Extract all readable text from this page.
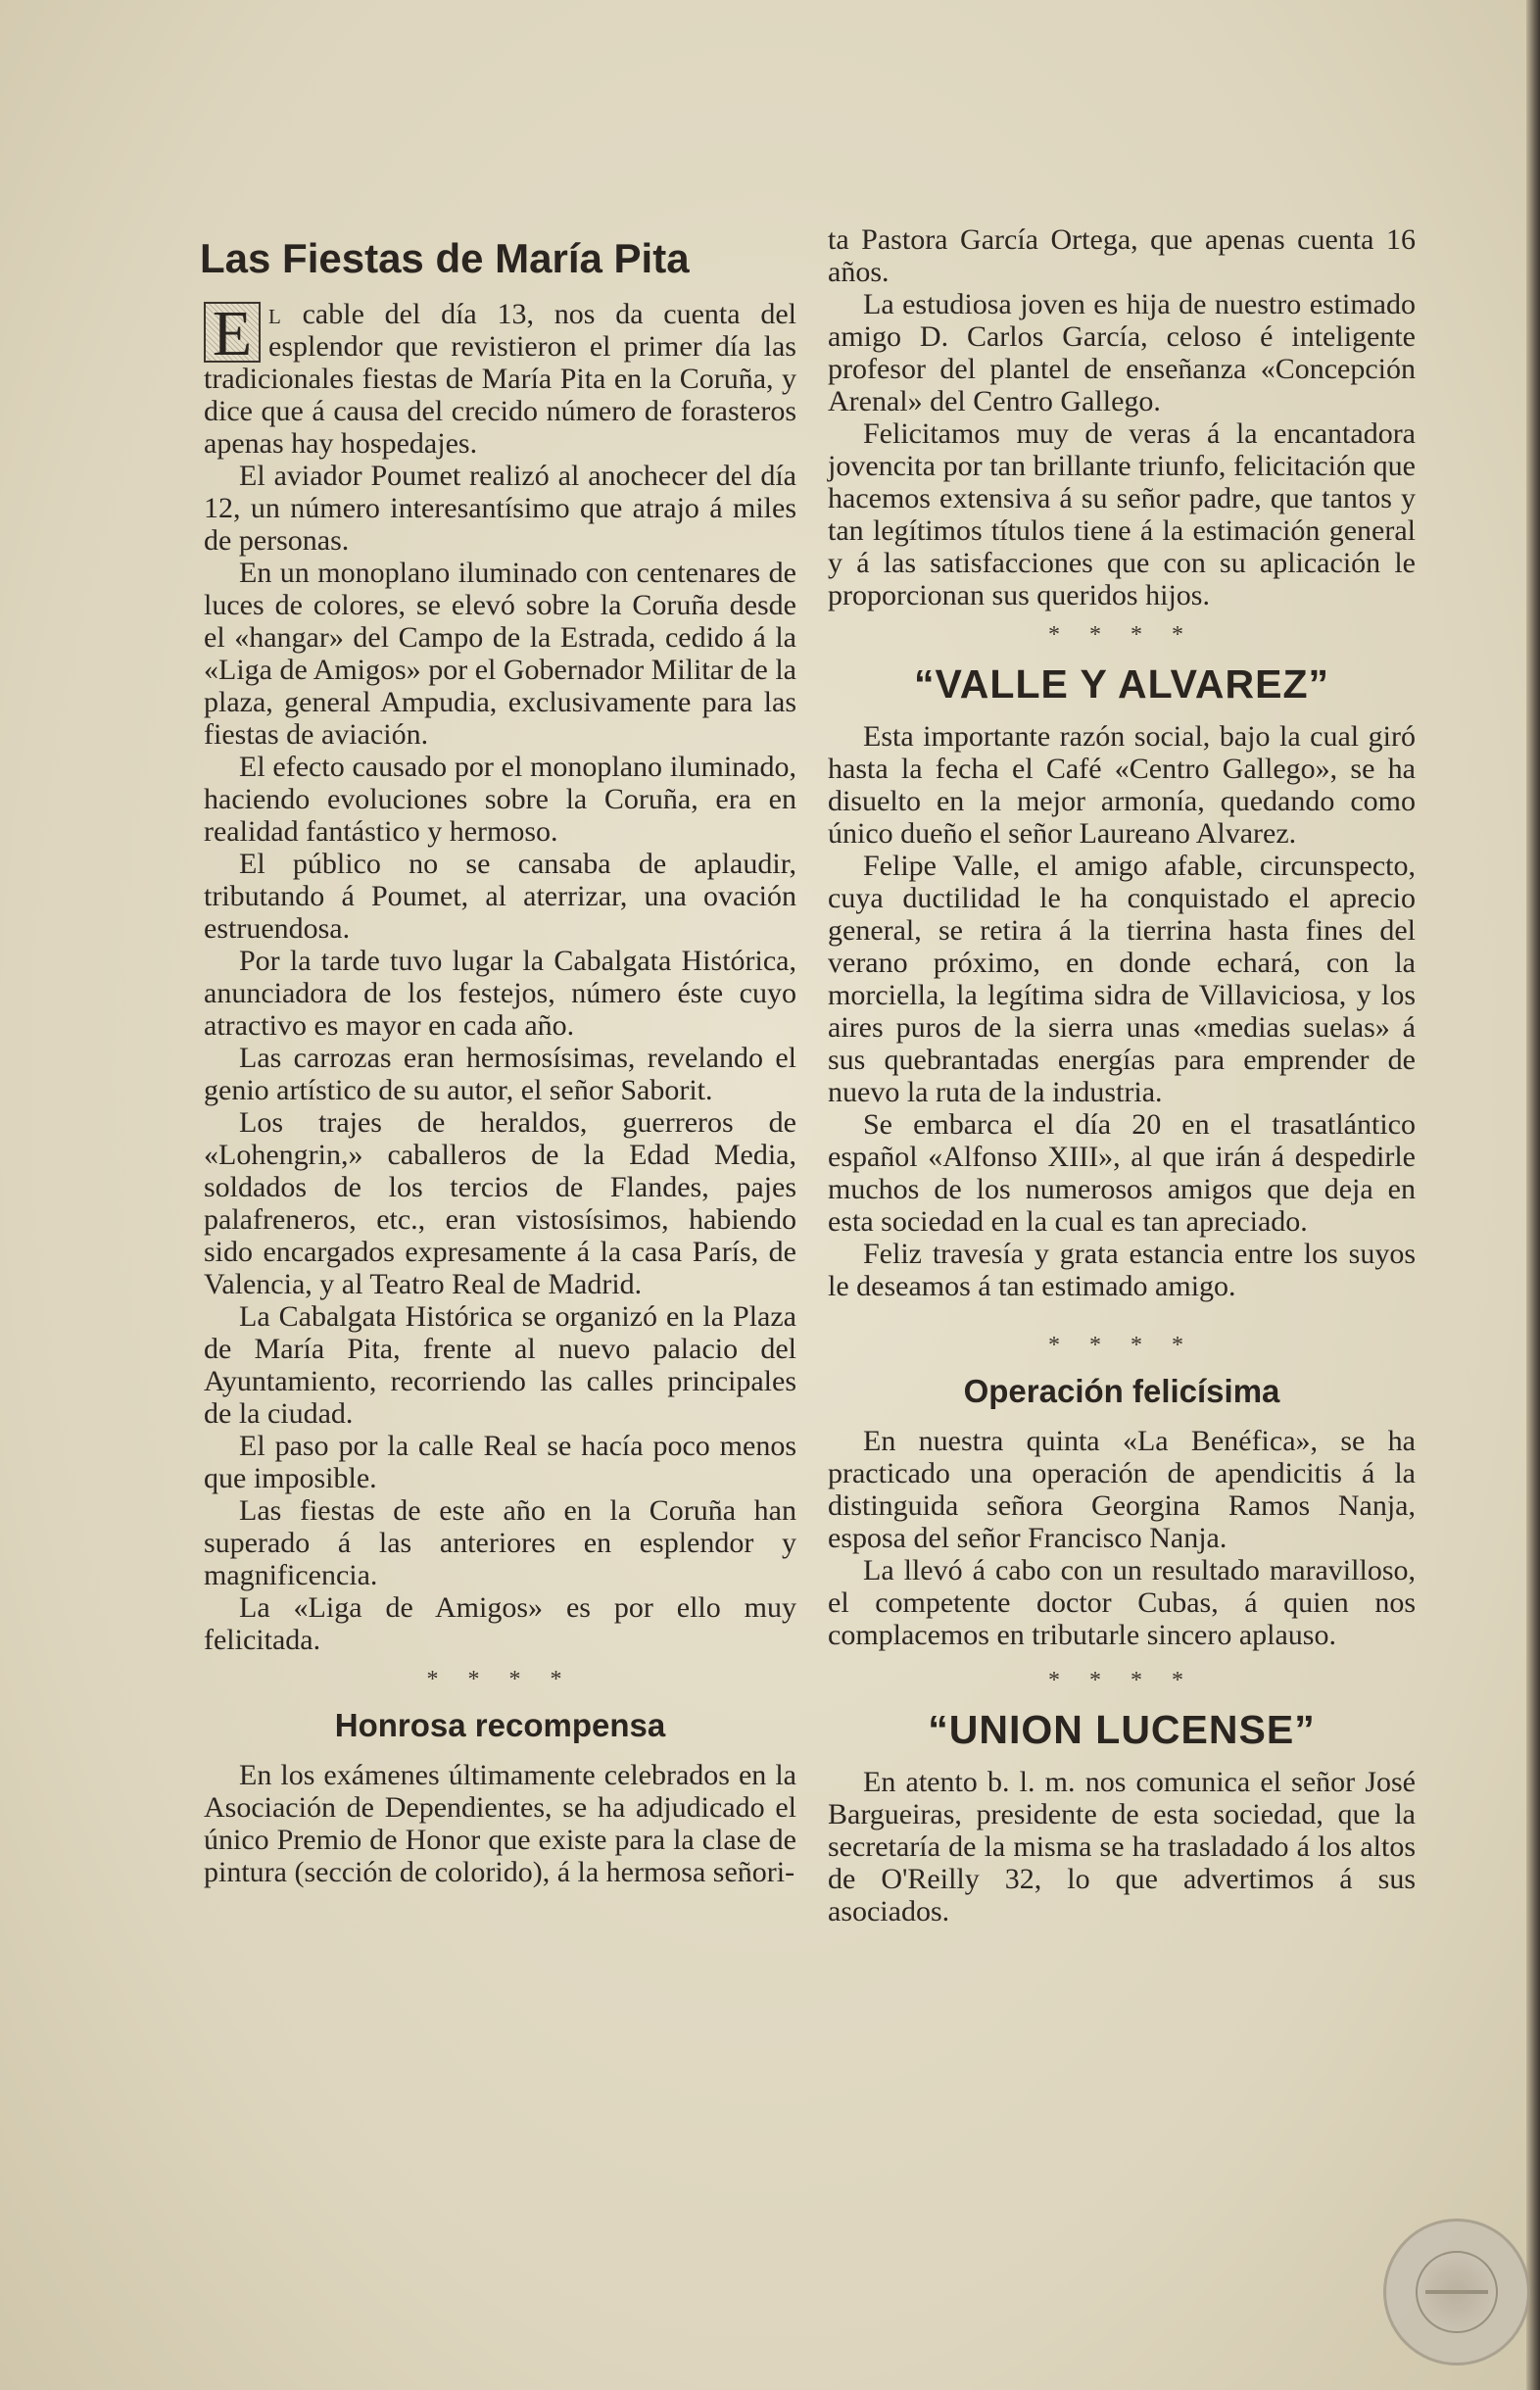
Las Fiestas de María Pita

E l cable del día 13, nos da cuenta del esplendor que revistieron el primer día las tradicionales fiestas de María Pita en la Coruña, y dice que á causa del crecido número de forasteros apenas hay hospedajes.

El aviador Poumet realizó al anochecer del día 12, un número interesantísimo que atrajo á miles de personas.

En un monoplano iluminado con centenares de luces de colores, se elevó sobre la Coruña desde el «hangar» del Campo de la Estrada, cedido á la «Liga de Amigos» por el Gobernador Militar de la plaza, general Ampudia, exclusivamente para las fiestas de aviación.

El efecto causado por el monoplano iluminado, haciendo evoluciones sobre la Coruña, era en realidad fantástico y hermoso.

El público no se cansaba de aplaudir, tributando á Poumet, al aterrizar, una ovación estruendosa.

Por la tarde tuvo lugar la Cabalgata Histórica, anunciadora de los festejos, número éste cuyo atractivo es mayor en cada año.

Las carrozas eran hermosísimas, revelando el genio artístico de su autor, el señor Saborit.

Los trajes de heraldos, guerreros de «Lohengrin,» caballeros de la Edad Media, soldados de los tercios de Flandes, pajes palafreneros, etc., eran vistosísimos, habiendo sido encargados expresamente á la casa París, de Valencia, y al Teatro Real de Madrid.

La Cabalgata Histórica se organizó en la Plaza de María Pita, frente al nuevo palacio del Ayuntamiento, recorriendo las calles principales de la ciudad.

El paso por la calle Real se hacía poco menos que imposible.

Las fiestas de este año en la Coruña han superado á las anteriores en esplendor y magnificencia.

La «Liga de Amigos» es por ello muy felicitada.

* * * *
Honrosa recompensa

En los exámenes últimamente celebrados en la Asociación de Dependientes, se ha adjudicado el único Premio de Honor que existe para la clase de pintura (sección de colorido), á la hermosa señori-

ta Pastora García Ortega, que apenas cuenta 16 años.

La estudiosa joven es hija de nuestro estimado amigo D. Carlos García, celoso é inteligente profesor del plantel de enseñanza «Concepción Arenal» del Centro Gallego.

Felicitamos muy de veras á la encantadora jovencita por tan brillante triunfo, felicitación que hacemos extensiva á su señor padre, que tantos y tan legítimos títulos tiene á la estimación general y á las satisfacciones que con su aplicación le proporcionan sus queridos hijos.

* * * *
“VALLE Y ALVAREZ”

Esta importante razón social, bajo la cual giró hasta la fecha el Café «Centro Gallego», se ha disuelto en la mejor armonía, quedando como único dueño el señor Laureano Alvarez.

Felipe Valle, el amigo afable, circunspecto, cuya ductilidad le ha conquistado el aprecio general, se retira á la tierrina hasta fines del verano próximo, en donde echará, con la morciella, la legítima sidra de Villaviciosa, y los aires puros de la sierra unas «medias suelas» á sus quebrantadas energías para emprender de nuevo la ruta de la industria.

Se embarca el día 20 en el trasatlántico español «Alfonso XIII», al que irán á despedirle muchos de los numerosos amigos que deja en esta sociedad en la cual es tan apreciado.

Feliz travesía y grata estancia entre los suyos le deseamos á tan estimado amigo.

* * * *
Operación felicísima

En nuestra quinta «La Benéfica», se ha practicado una operación de apendicitis á la distinguida señora Georgina Ramos Nanja, esposa del señor Francisco Nanja.

La llevó á cabo con un resultado maravilloso, el competente doctor Cubas, á quien nos complacemos en tributarle sincero aplauso.

* * * *
“UNION LUCENSE”

En atento b. l. m. nos comunica el señor José Bargueiras, presidente de esta sociedad, que la secretaría de la misma se ha trasladado á los altos de O'Reilly 32, lo que advertimos á sus asociados.
